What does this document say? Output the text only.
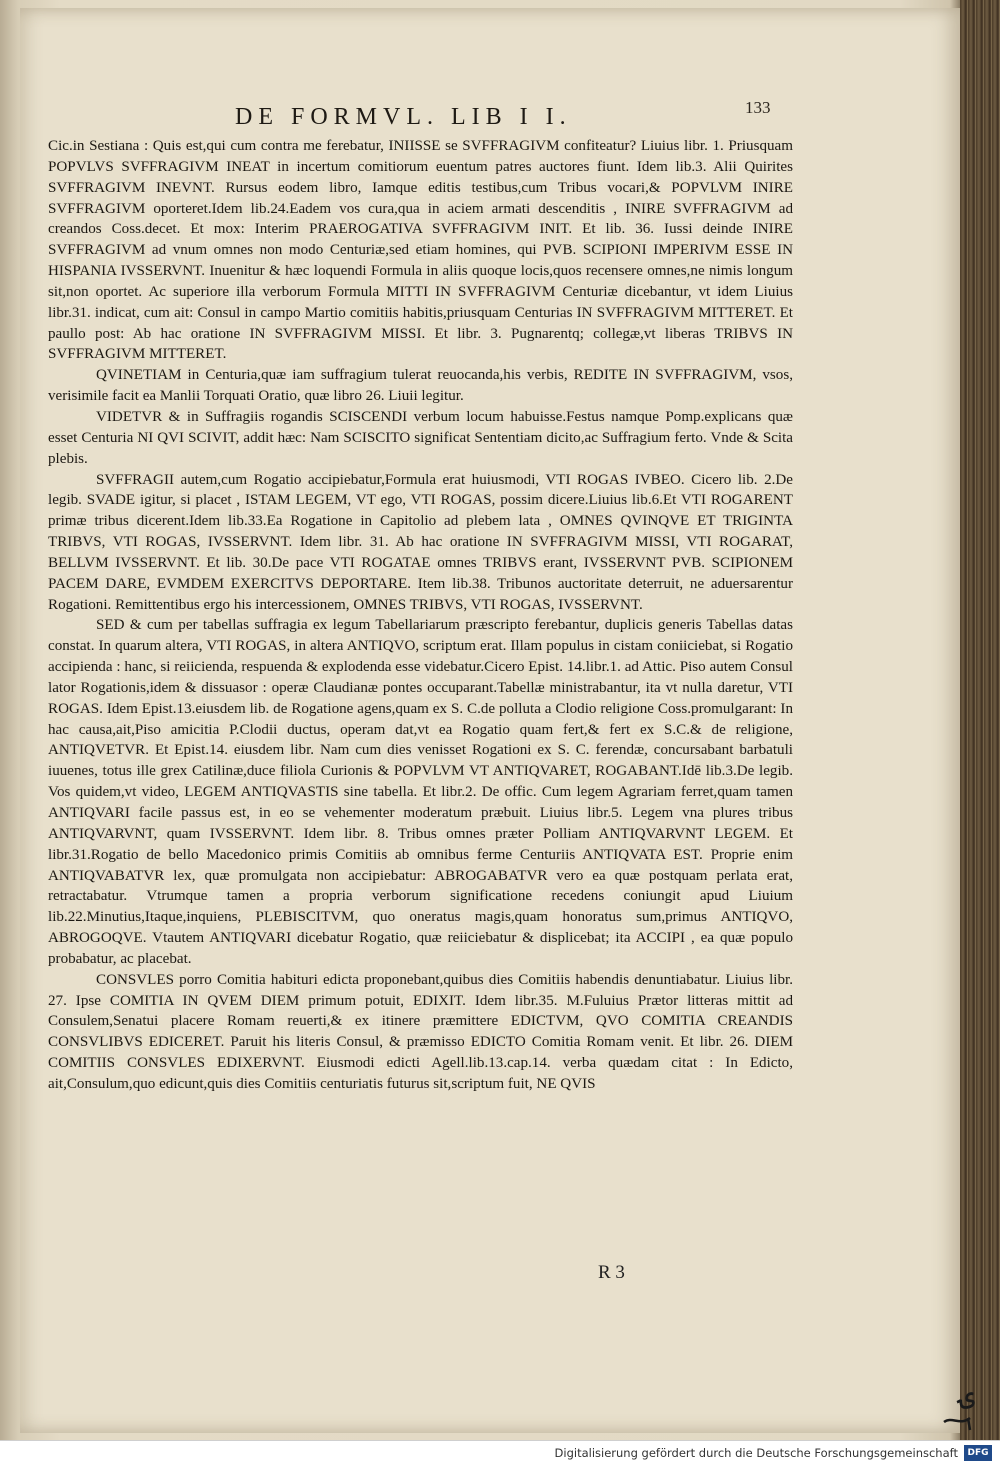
DE FORMVL. LIB I I.	133

Cic.in Sestiana : Quis est,qui cum contra me ferebatur, INIISSE se SVFFRAGIVM confiteatur? Liuius libr. 1. Priusquam POPVLVS SVFFRAGIVM INEAT in incertum comitiorum euentum patres auctores fiunt. Idem lib.3. Alii Quirites SVFFRAGIVM INEVNT. Rursus eodem libro, Iamque editis testibus,cum Tribus vocari,& POPVLVM INIRE SVFFRAGIVM oporteret.Idem lib.24.Eadem vos cura,qua in aciem armati descenditis , INIRE SVFFRAGIVM ad creandos Coss.decet. Et mox: Interim PRAEROGATIVA SVFFRAGIVM INIT. Et lib. 36. Iussi deinde INIRE SVFFRAGIVM ad vnum omnes non modo Centuriæ,sed etiam homines, qui PVB. SCIPIONI IMPERIVM ESSE IN HISPANIA IVSSERVNT. Inuenitur & hæc loquendi Formula in aliis quoque locis,quos recensere omnes,ne nimis longum sit,non oportet. Ac superiore illa verborum Formula MITTI IN SVFFRAGIVM Centuriæ dicebantur, vt idem Liuius libr.31. indicat, cum ait: Consul in campo Martio comitiis habitis,priusquam Centurias IN SVFFRAGIVM MITTERET. Et paullo post: Ab hac oratione IN SVFFRAGIVM MISSI. Et libr. 3. Pugnarentq; collegæ,vt liberas TRIBVS IN SVFFRAGIVM MITTERET.

QVINETIAM in Centuria,quæ iam suffragium tulerat reuocanda,his verbis, REDITE IN SVFFRAGIVM, vsos, verisimile facit ea Manlii Torquati Oratio, quæ libro 26. Liuii legitur.

VIDETVR & in Suffragiis rogandis SCISCENDI verbum locum habuisse.Festus namque Pomp.explicans quæ esset Centuria NI QVI SCIVIT, addit hæc: Nam SCISCITO significat Sententiam dicito,ac Suffragium ferto. Vnde & Scita plebis.

SVFFRAGII autem,cum Rogatio accipiebatur,Formula erat huiusmodi, VTI ROGAS IVBEO. Cicero lib. 2.De legib. SVADE igitur, si placet , ISTAM LEGEM, VT ego, VTI ROGAS, possim dicere.Liuius lib.6.Et VTI ROGARENT primæ tribus dicerent.Idem lib.33.Ea Rogatione in Capitolio ad plebem lata , OMNES QVINQVE ET TRIGINTA TRIBVS, VTI ROGAS, IVSSERVNT. Idem libr. 31. Ab hac oratione IN SVFFRAGIVM MISSI, VTI ROGARAT, BELLVM IVSSERVNT. Et lib. 30.De pace VTI ROGATAE omnes TRIBVS erant, IVSSERVNT PVB. SCIPIONEM PACEM DARE, EVMDEM EXERCITVS DEPORTARE. Item lib.38. Tribunos auctoritate deterruit, ne aduersarentur Rogationi. Remittentibus ergo his intercessionem, OMNES TRIBVS, VTI ROGAS, IVSSERVNT.

SED & cum per tabellas suffragia ex legum Tabellariarum præscripto ferebantur, duplicis generis Tabellas datas constat. In quarum altera, VTI ROGAS, in altera ANTIQVO, scriptum erat. Illam populus in cistam coniiciebat, si Rogatio accipienda : hanc, si reiicienda, respuenda & explodenda esse videbatur.Cicero Epist. 14.libr.1. ad Attic. Piso autem Consul lator Rogationis,idem & dissuasor : operæ Claudianæ pontes occuparant.Tabellæ ministrabantur, ita vt nulla daretur, VTI ROGAS. Idem Epist.13.eiusdem lib. de Rogatione agens,quam ex S. C.de polluta a Clodio religione Coss.promulgarant: In hac causa,ait,Piso amicitia P.Clodii ductus, operam dat,vt ea Rogatio quam fert,& fert ex S.C.& de religione, ANTIQVETVR. Et Epist.14. eiusdem libr. Nam cum dies venisset Rogationi ex S. C. ferendæ, concursabant barbatuli iuuenes, totus ille grex Catilinæ,duce filiola Curionis & POPVLVM VT ANTIQVARET, ROGABANT.Idē lib.3.De legib. Vos quidem,vt video, LEGEM ANTIQVASTIS sine tabella. Et libr.2. De offic. Cum legem Agrariam ferret,quam tamen ANTIQVARI facile passus est, in eo se vehementer moderatum præbuit. Liuius libr.5. Legem vna plures tribus ANTIQVARVNT, quam IVSSERVNT. Idem libr. 8. Tribus omnes præter Polliam ANTIQVARVNT LEGEM. Et libr.31.Rogatio de bello Macedonico primis Comitiis ab omnibus ferme Centuriis ANTIQVATA EST. Proprie enim ANTIQVABATVR lex, quæ promulgata non accipiebatur: ABROGABATVR vero ea quæ postquam perlata erat, retractabatur. Vtrumque tamen a propria verborum significatione recedens coniungit apud Liuium lib.22.Minutius,Itaque,inquiens, PLEBISCITVM, quo oneratus magis,quam honoratus sum,primus ANTIQVO, ABROGOQVE. Vtautem ANTIQVARI dicebatur Rogatio, quæ reiiciebatur & displicebat; ita ACCIPI , ea quæ populo probabatur, ac placebat.

CONSVLES porro Comitia habituri edicta proponebant,quibus dies Comitiis habendis denuntiabatur. Liuius libr. 27. Ipse COMITIA IN QVEM DIEM primum potuit, EDIXIT. Idem libr.35. M.Fuluius Prætor litteras mittit ad Consulem,Senatui placere Romam reuerti,& ex itinere præmittere EDICTVM, QVO COMITIA CREANDIS CONSVLIBVS EDICERET. Paruit his literis Consul, & præmisso EDICTO Comitia Romam venit. Et libr. 26. DIEM COMITIIS CONSVLES EDIXERVNT. Eiusmodi edicti Agell.lib.13.cap.14. verba quædam citat : In Edicto, ait,Consulum,quo edicunt,quis dies Comitiis centuriatis futurus sit,scriptum fuit, NE QVIS

R 3
ۍ
Digitalisierung gefördert durch die Deutsche Forschungsgemeinschaft	DFG
